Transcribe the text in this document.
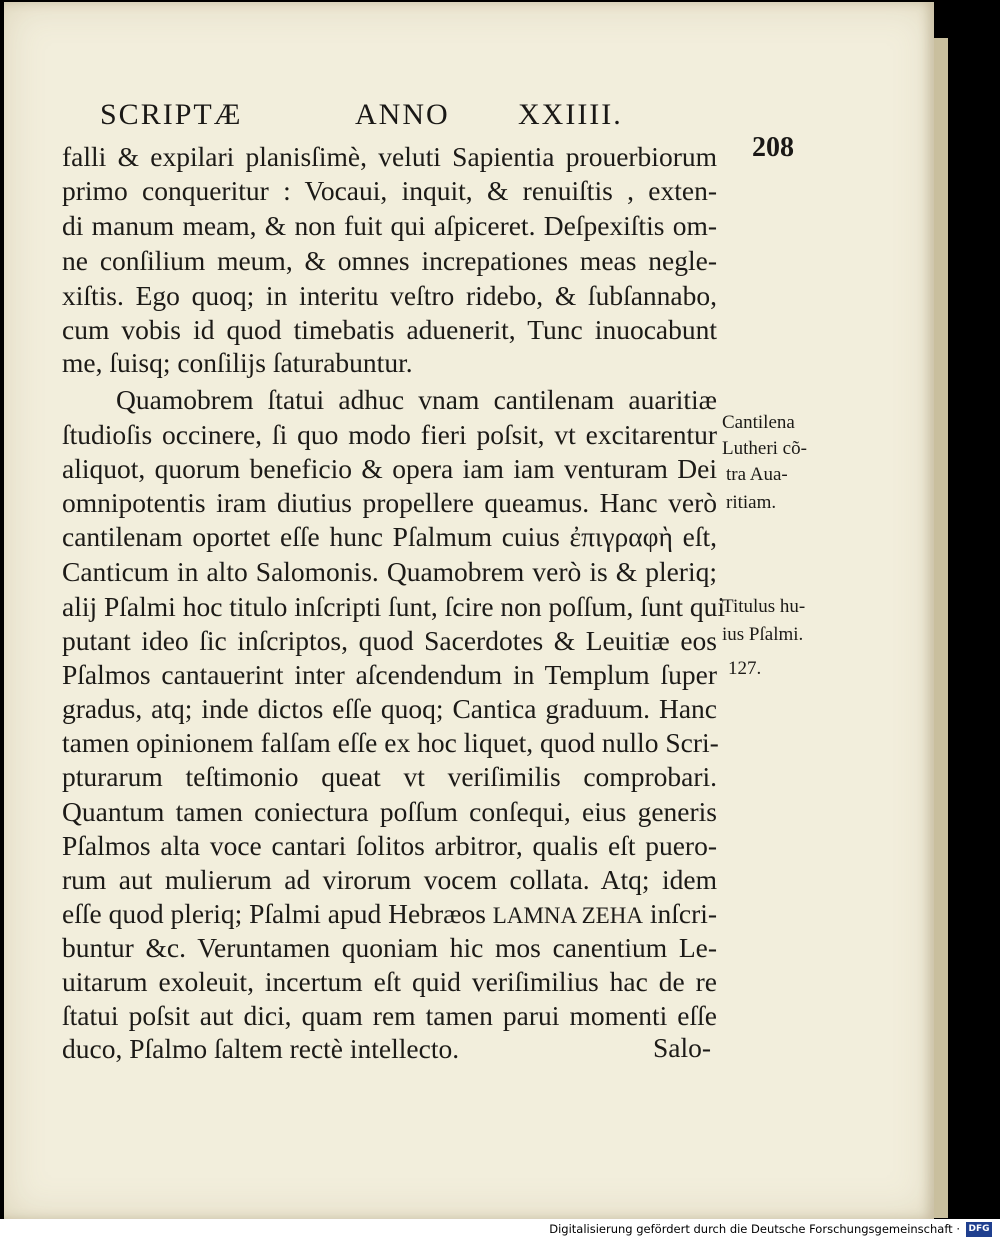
SCRIPTÆ	ANNO XXIIII.
208
falli & expilari planisſimè, veluti Sapientia prouerbiorum
primo conqueritur : Vocaui, inquit, & renuiſtis , exten-
di manum meam, & non fuit qui aſpiceret. Deſpexiſtis om-
ne conſilium meum, & omnes increpationes meas negle-
xiſtis. Ego quoq; in interitu veſtro ridebo, & ſubſannabo,
cum vobis id quod timebatis aduenerit, Tunc inuocabunt
me, ſuisq; conſilijs ſaturabuntur.
Quamobrem ſtatui adhuc vnam cantilenam auaritiæ
ſtudioſis occinere, ſi quo modo fieri poſsit, vt excitarentur
aliquot, quorum beneficio & opera iam iam venturam Dei
omnipotentis iram diutius propellere queamus. Hanc verò
cantilenam oportet eſſe hunc Pſalmum cuius ἐπιγραφὴ eſt,
Canticum in alto Salomonis. Quamobrem verò is & pleriq;
alij Pſalmi hoc titulo inſcripti ſunt, ſcire non poſſum, ſunt qui
putant ideo ſic inſcriptos, quod Sacerdotes & Leuitiæ eos
Pſalmos cantauerint inter aſcendendum in Templum ſuper
gradus, atq; inde dictos eſſe quoq; Cantica graduum. Hanc
tamen opinionem falſam eſſe ex hoc liquet, quod nullo Scri-
pturarum teſtimonio queat vt veriſimilis comprobari.
Quantum tamen coniectura poſſum conſequi, eius generis
Pſalmos alta voce cantari ſolitos arbitror, qualis eſt puero-
rum aut mulierum ad virorum vocem collata. Atq; idem
eſſe quod pleriq; Pſalmi apud Hebræos LAMNA ZEHA inſcri-
buntur &c. Veruntamen quoniam hic mos canentium Le-
uitarum exoleuit, incertum eſt quid veriſimilius hac de re
ſtatui poſsit aut dici, quam rem tamen parui momenti eſſe
duco, Pſalmo ſaltem rectè intellecto.	Salo-
Cantilena
Lutheri cõ-
tra Aua-
ritiam.
Titulus hu-
ius Pſalmi.
127.
Digitalisierung gefördert durch die Deutsche Forschungsgemeinschaft · DFG
